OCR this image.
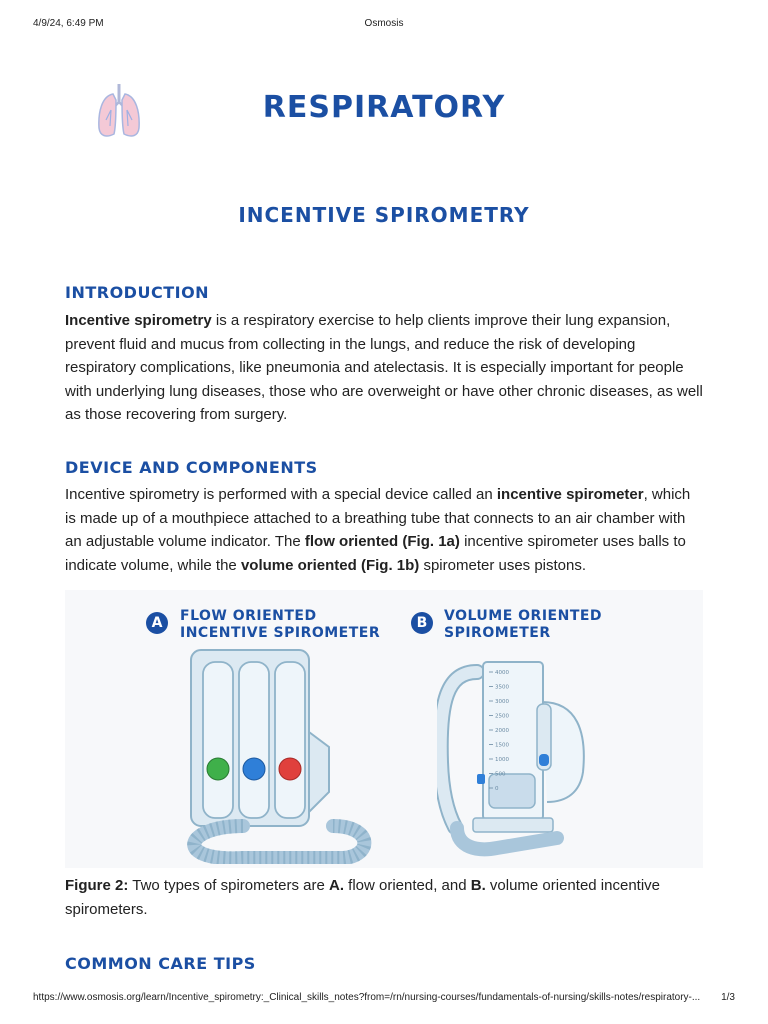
4/9/24, 6:49 PM	Osmosis
RESPIRATORY
INCENTIVE SPIROMETRY
INTRODUCTION

Incentive spirometry is a respiratory exercise to help clients improve their lung expansion, prevent fluid and mucus from collecting in the lungs, and reduce the risk of developing respiratory complications, like pneumonia and atelectasis. It is especially important for people with underlying lung diseases, those who are overweight or have other chronic diseases, as well as those recovering from surgery.

DEVICE AND COMPONENTS

Incentive spirometry is performed with a special device called an incentive spirometer, which is made up of a mouthpiece attached to a breathing tube that connects to an air chamber with an adjustable volume indicator. The flow oriented (Fig. 1a) incentive spirometer uses balls to indicate volume, while the volume oriented (Fig. 1b) spirometer uses pistons.

A	FLOW ORIENTED
INCENTIVE SPIROMETER
B	VOLUME ORIENTED
SPIROMETER
4000
3500
3000
2500
2000
1500
1000
500
0

Figure 2: Two types of spirometers are A. flow oriented, and B. volume oriented incentive spirometers.

COMMON CARE TIPS
https://www.osmosis.org/learn/Incentive_spirometry:_Clinical_skills_notes?from=/rn/nursing-courses/fundamentals-of-nursing/skills-notes/respiratory-...	1/3
